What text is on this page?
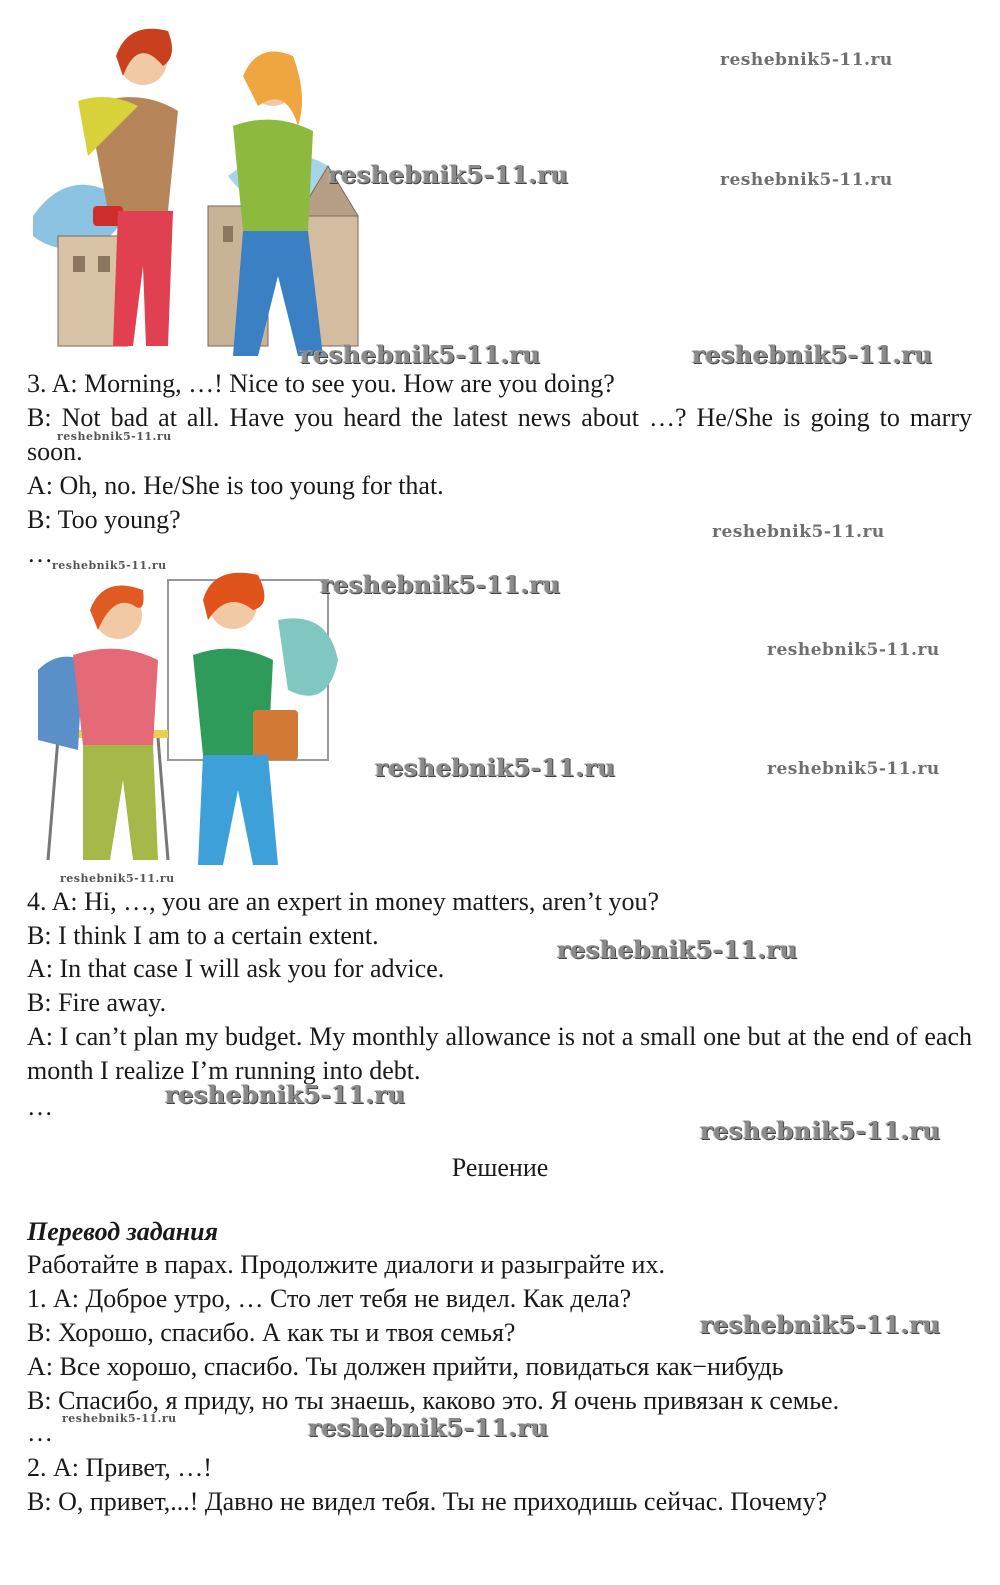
3. A: Morning, …! Nice to see you. How are you doing?
B: Not bad at all. Have you heard the latest news about …? He/She is going to marry soon.
A: Oh, no. He/She is too young for that.
B: Too young?
…
4. A: Hi, …, you are an expert in money matters, aren’t you?
B: I think I am to a certain extent.
A: In that case I will ask you for advice.
B: Fire away.
A: I can’t plan my budget. My monthly allowance is not a small one but at the end of each month I realize I’m running into debt.
…
Решение
Перевод задания
Работайте в парах. Продолжите диалоги и разыграйте их.
1. А: Доброе утро, … Сто лет тебя не видел. Как дела?
В: Хорошо, спасибо. А как ты и твоя семья?
А: Все хорошо, спасибо. Ты должен прийти, повидаться как−нибудь
В: Спасибо, я приду, но ты знаешь, каково это. Я очень привязан к семье.
…
2. А: Привет, …!
В: О, привет,...! Давно не видел тебя. Ты не приходишь сейчас. Почему?
reshebnik5-11.ru
reshebnik5-11.ru	reshebnik5-11.ru
reshebnik5-11.ru	reshebnik5-11.ru
reshebnik5-11.ru
reshebnik5-11.ru
reshebnik5-11.ru
reshebnik5-11.ru
reshebnik5-11.ru
reshebnik5-11.ru	reshebnik5-11.ru
reshebnik5-11.ru
reshebnik5-11.ru
reshebnik5-11.ru
reshebnik5-11.ru
reshebnik5-11.ru
reshebnik5-11.ru	reshebnik5-11.ru
